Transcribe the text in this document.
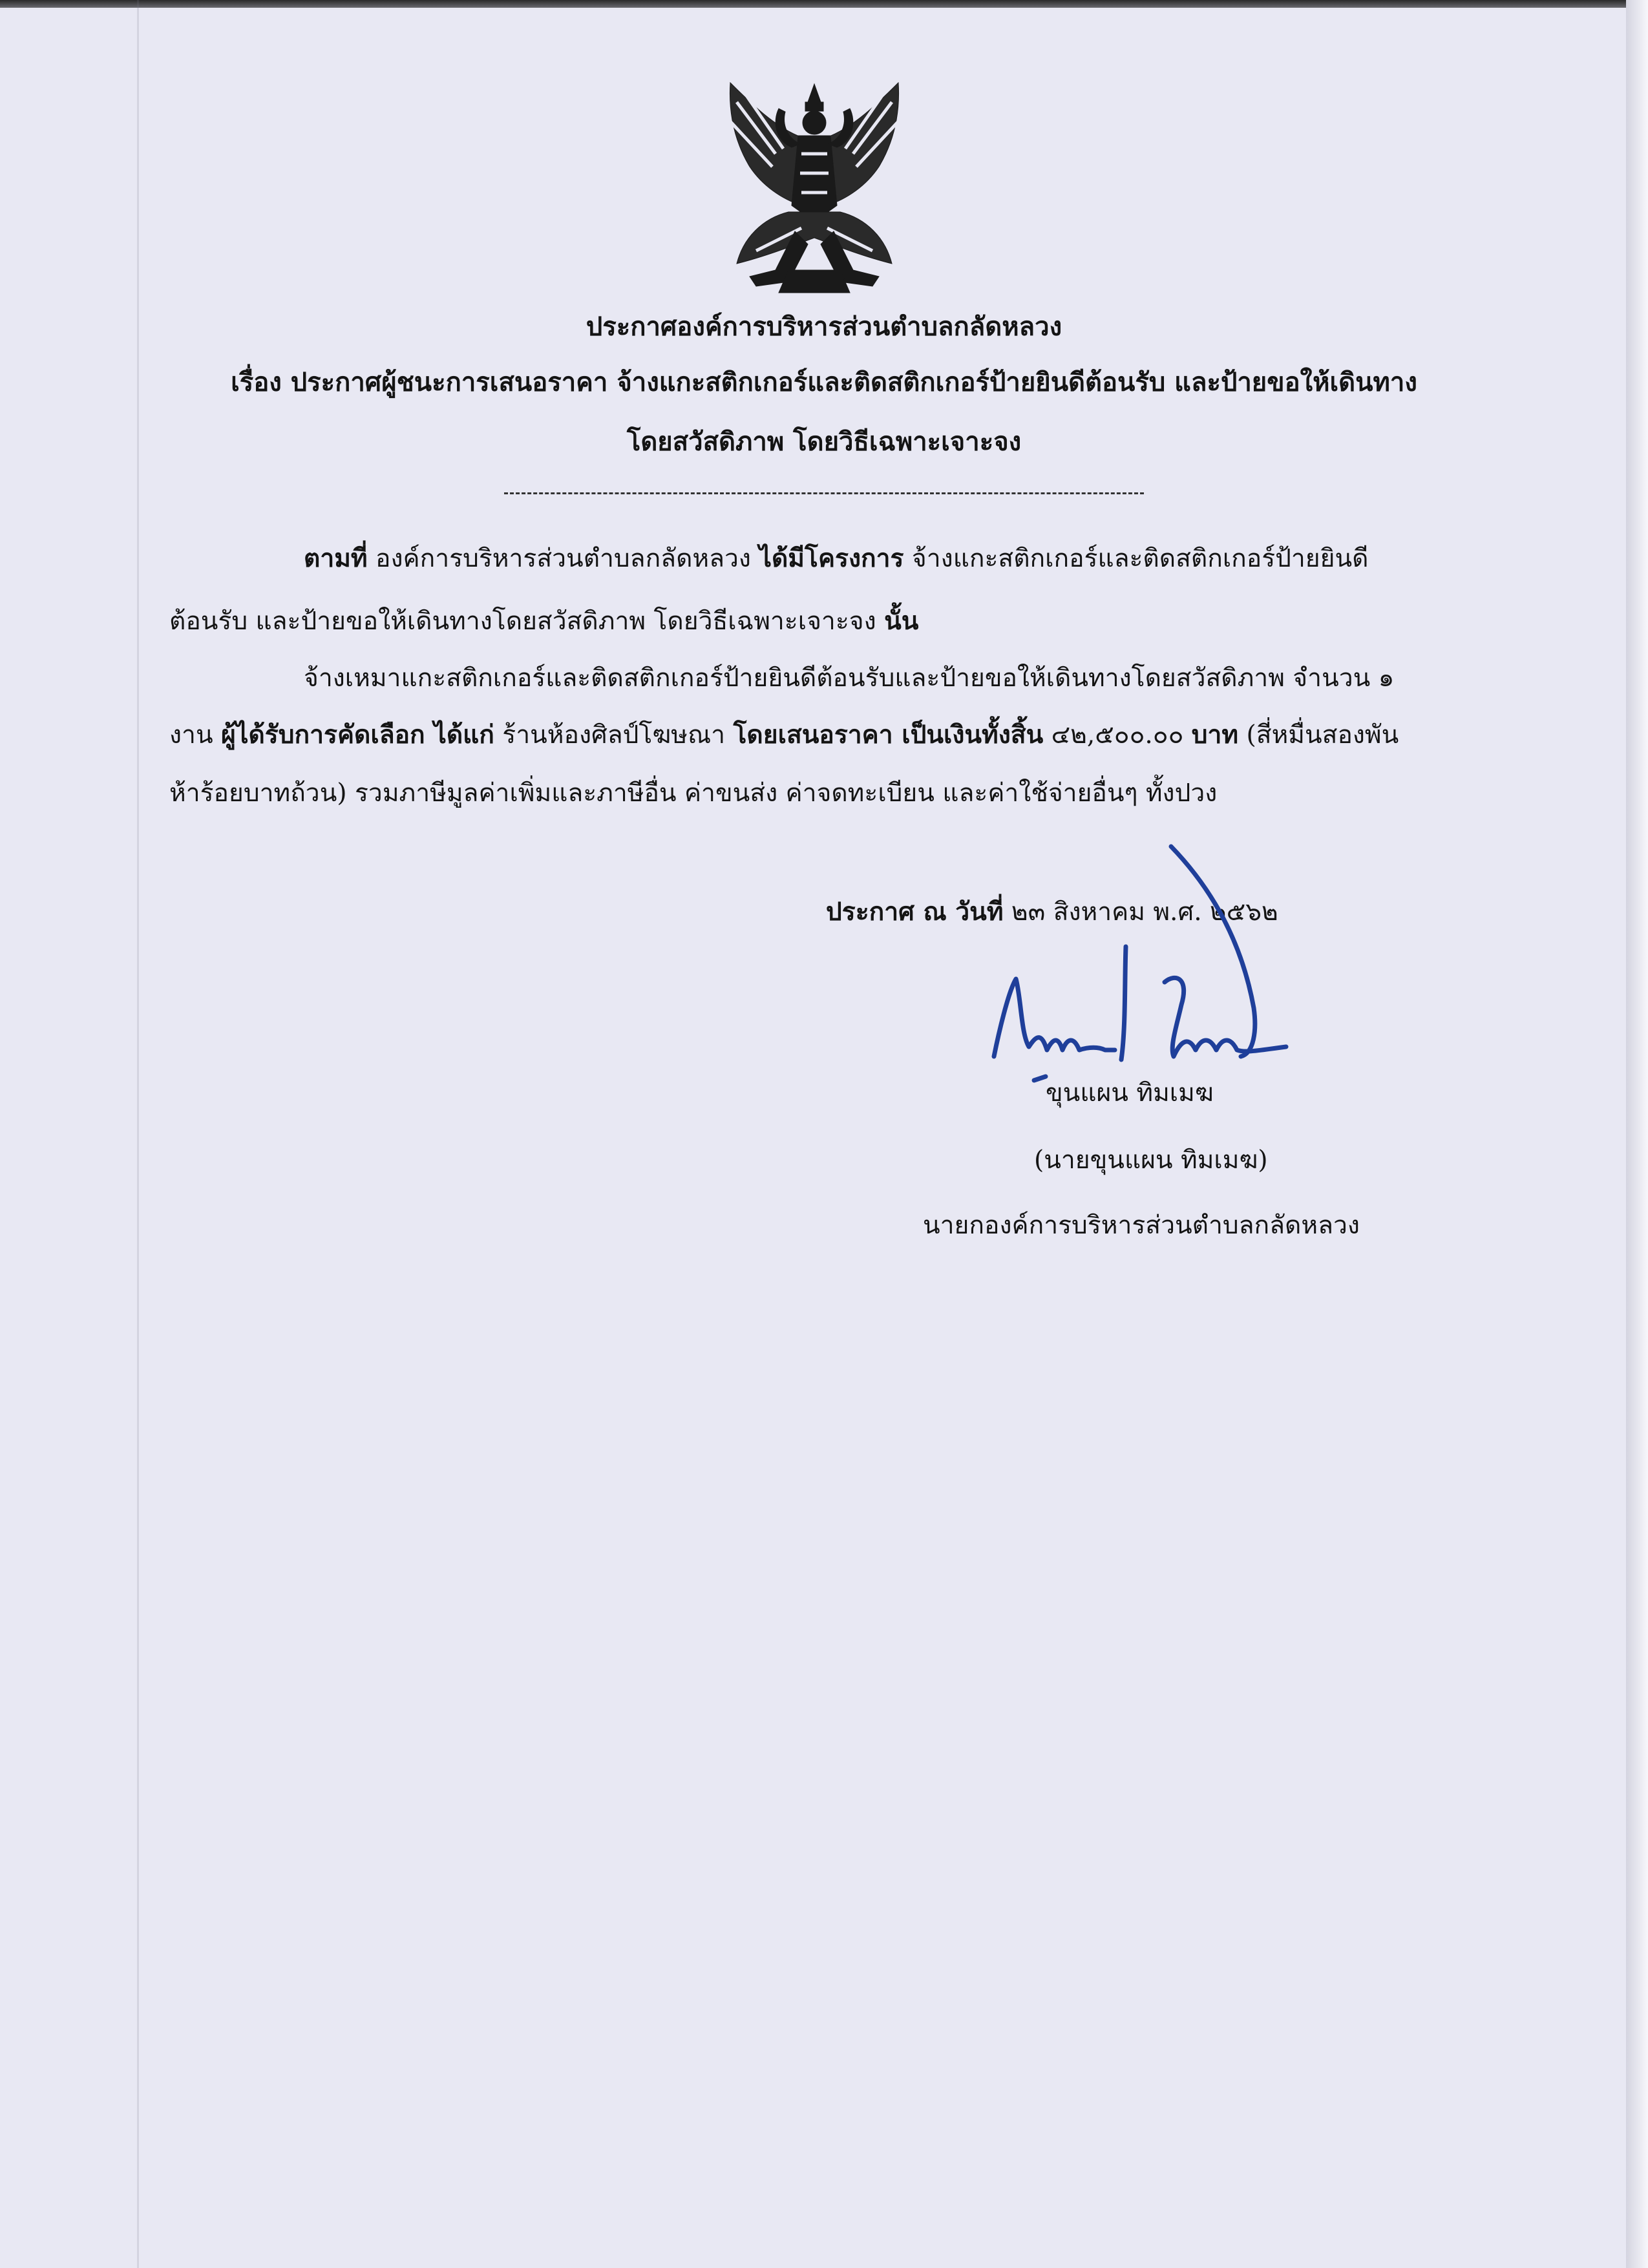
ประกาศองค์การบริหารส่วนตำบลกลัดหลวง
เรื่อง ประกาศผู้ชนะการเสนอราคา จ้างแกะสติกเกอร์และติดสติกเกอร์ป้ายยินดีต้อนรับ และป้ายขอให้เดินทาง
โดยสวัสดิภาพ โดยวิธีเฉพาะเจาะจง
ตามที่ องค์การบริหารส่วนตำบลกลัดหลวง ได้มีโครงการ จ้างแกะสติกเกอร์และติดสติกเกอร์ป้ายยินดี
ต้อนรับ และป้ายขอให้เดินทางโดยสวัสดิภาพ โดยวิธีเฉพาะเจาะจง นั้น
จ้างเหมาแกะสติกเกอร์และติดสติกเกอร์ป้ายยินดีต้อนรับและป้ายขอให้เดินทางโดยสวัสดิภาพ จำนวน ๑
งาน ผู้ได้รับการคัดเลือก ได้แก่ ร้านห้องศิลป์โฆษณา โดยเสนอราคา เป็นเงินทั้งสิ้น ๔๒,๕๐๐.๐๐ บาท (สี่หมื่นสองพัน
ห้าร้อยบาทถ้วน) รวมภาษีมูลค่าเพิ่มและภาษีอื่น ค่าขนส่ง ค่าจดทะเบียน และค่าใช้จ่ายอื่นๆ ทั้งปวง
ประกาศ ณ วันที่ ๒๓ สิงหาคม พ.ศ. ๒๕๖๒
ขุนแผน ทิมเมฆ
(นายขุนแผน ทิมเมฆ)
นายกองค์การบริหารส่วนตำบลกลัดหลวง
